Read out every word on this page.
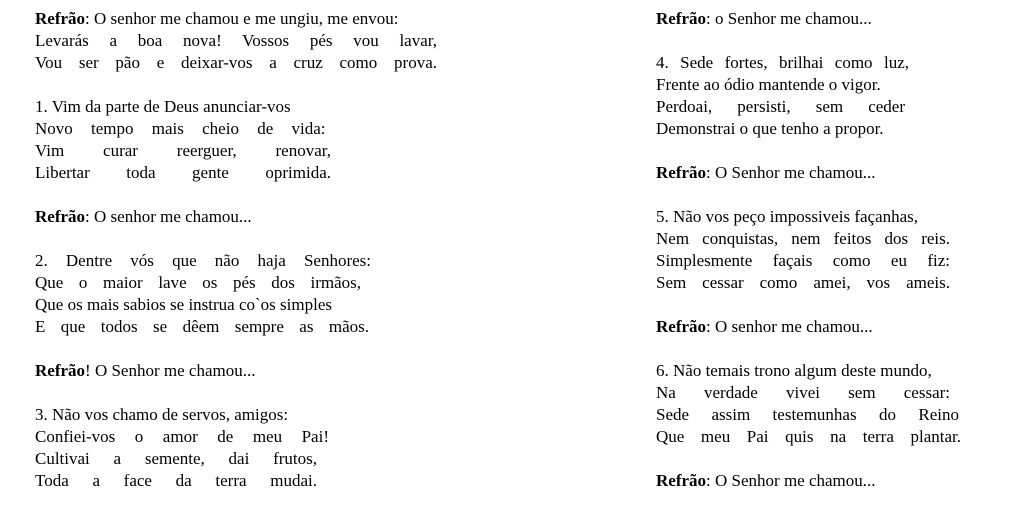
Refrão: O senhor me chamou e me ungiu, me envou:
Levarás a boa nova! Vossos pés vou lavar,
Vou ser pão e deixar-vos a cruz como prova.
1. Vim da parte de Deus anunciar-vos
Novo tempo mais cheio de vida:
Vim curar reerguer, renovar,
Libertar toda gente oprimida.
Refrão: O senhor me chamou...
2. Dentre vós que não haja Senhores:
Que o maior lave os pés dos irmãos,
Que os mais sabios se instrua co`os simples
E que todos se dêem sempre as mãos.
Refrão! O Senhor me chamou...
3. Não vos chamo de servos, amigos:
Confiei-vos o amor de meu Pai!
Cultivai a semente, dai frutos,
Toda a face da terra mudai.
Refrão: o Senhor me chamou...
4. Sede fortes, brilhai como luz,
Frente ao ódio mantende o vigor.
Perdoai, persisti, sem ceder
Demonstrai o que tenho a propor.
Refrão: O Senhor me chamou...
5. Não vos peço impossiveis façanhas,
Nem conquistas, nem feitos dos reis.
Simplesmente façais como eu fiz:
Sem cessar como amei, vos ameis.
Refrão: O senhor me chamou...
6. Não temais trono algum deste mundo,
Na verdade vivei sem cessar:
Sede assim testemunhas do Reino
Que meu Pai quis na terra plantar.
Refrão: O Senhor me chamou...
